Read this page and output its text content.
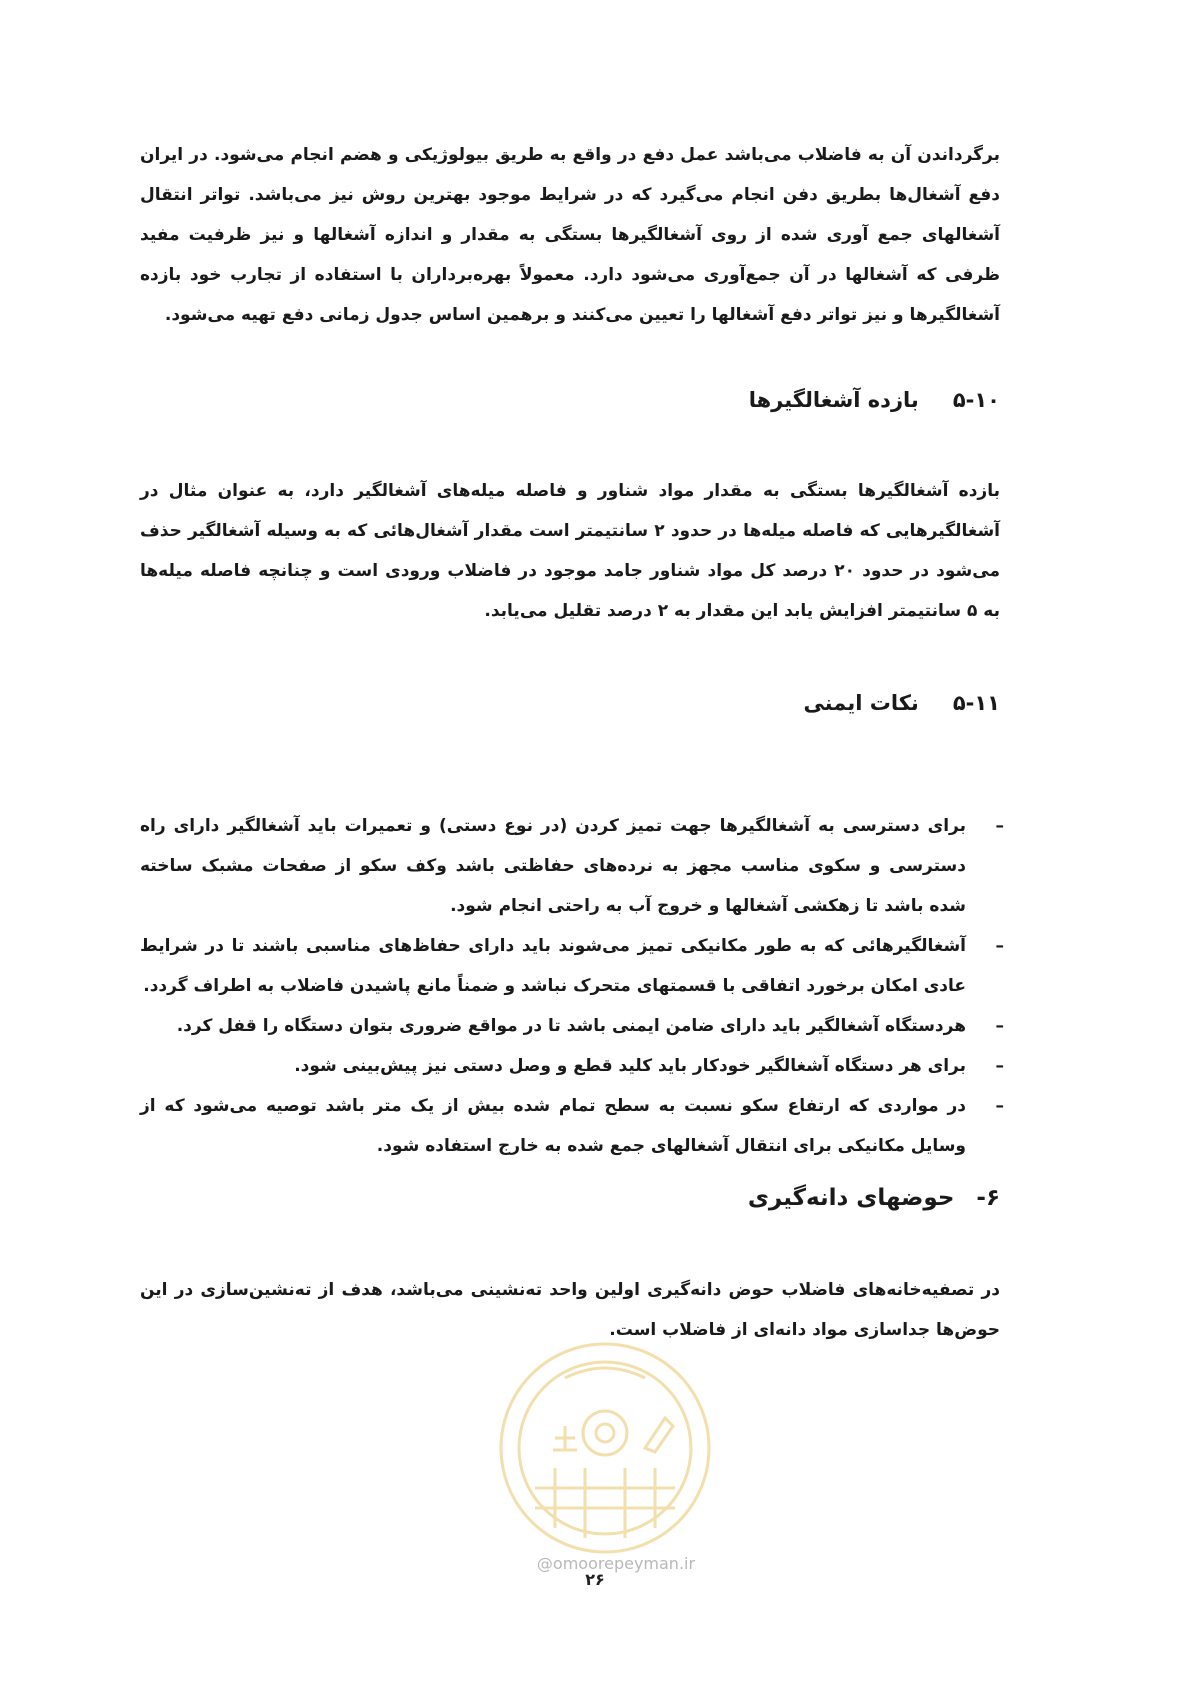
برگرداندن آن به فاضلاب می‌باشد عمل دفع در واقع به طریق بیولوژیکی و هضم انجام می‌شود. در ایران دفع آشغال‌ها بطریق دفن انجام می‌گیرد که در شرایط موجود بهترین روش نیز می‌باشد. تواتر انتقال آشغالهای جمع آوری شده از روی آشغالگیرها بستگی به مقدار و اندازه آشغالها و نیز ظرفیت مفید ظرفی که آشغالها در آن جمع‌آوری می‌شود دارد. معمولاً بهره‌برداران با استفاده از تجارب خود بازده آشغالگیرها و نیز تواتر دفع آشغالها را تعیین می‌کنند و برهمین اساس جدول زمانی دفع تهیه می‌شود.
۵-۱۰بازده آشغالگیرها
بازده آشغالگیرها بستگی به مقدار مواد شناور و فاصله میله‌های آشغالگیر دارد، به عنوان مثال در آشغالگیرهایی که فاصله میله‌ها در حدود ۲ سانتیمتر است مقدار آشغال‌هائی که به وسیله آشغالگیر حذف می‌شود در حدود ۲۰ درصد کل مواد شناور جامد موجود در فاضلاب ورودی است و چنانچه فاصله میله‌ها به ۵ سانتیمتر افزایش یابد این مقدار به ۲ درصد تقلیل می‌یابد.
۵-۱۱نکات ایمنی
–
برای دسترسی به آشغالگیرها جهت تمیز کردن (در نوع دستی) و تعمیرات باید آشغالگیر دارای راه دسترسی و سکوی مناسب مجهز به نرده‌های حفاظتی باشد وکف سکو از صفحات مشبک ساخته شده باشد تا زهکشی آشغالها و خروج آب به راحتی انجام شود.
–
آشغالگیرهائی که به طور مکانیکی تمیز می‌شوند باید دارای حفاظ‌های مناسبی باشند تا در شرایط عادی امکان برخورد اتفاقی با قسمتهای متحرک نباشد و ضمناً مانع پاشیدن فاضلاب به اطراف گردد.
–
هردستگاه آشغالگیر باید دارای ضامن ایمنی باشد تا در مواقع ضروری بتوان دستگاه را قفل کرد.
–
برای هر دستگاه آشغالگیر خودکار باید کلید قطع و وصل دستی نیز پیش‌بینی شود.
–
در مواردی که ارتفاع سکو نسبت به سطح تمام شده بیش از یک متر باشد توصیه می‌شود که از وسایل مکانیکی برای انتقال آشغالهای جمع شده به خارج استفاده شود.
۶-حوضهای دانه‌گیری
@omoorepeyman.ir
۲۶
در تصفیه‌خانه‌های فاضلاب حوض دانه‌گیری اولین واحد ته‌نشینی می‌باشد، هدف از ته‌نشین‌سازی در این حوض‌ها جداسازی مواد دانه‌ای از فاضلاب است.
